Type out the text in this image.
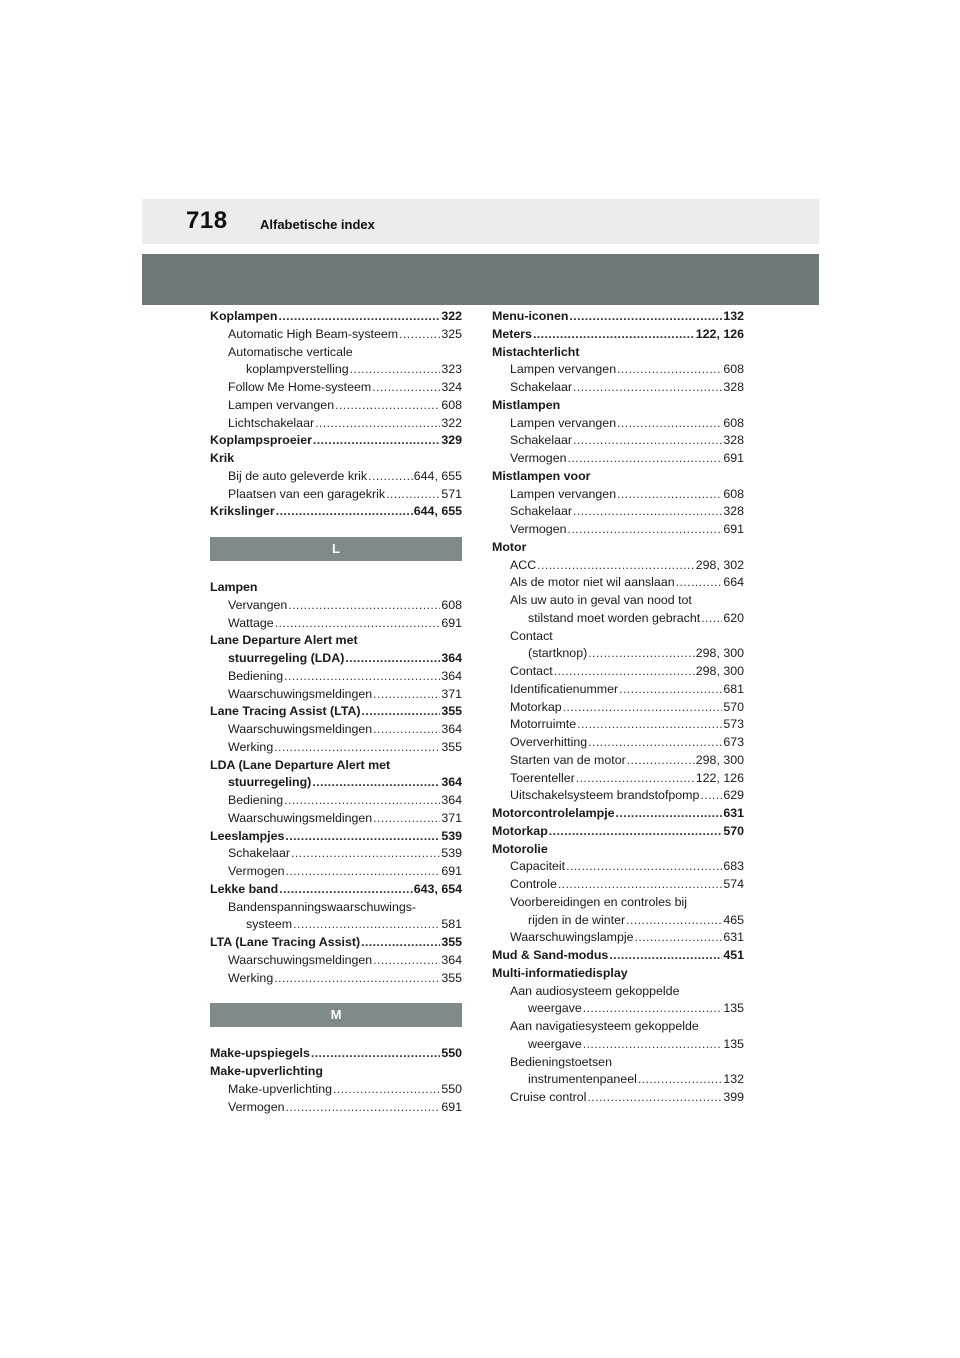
718 Alfabetische index
Koplampen .....	322
Automatic High Beam-systeem .....	325
Automatische verticale
koplampverstelling .....	323
Follow Me Home-systeem .....	324
Lampen vervangen .....	608
Lichtschakelaar .....	322
Koplampsproeier .....	329
Krik
Bij de auto geleverde krik .....	644, 655
Plaatsen van een garagekrik .....	571
Krikslinger .....	644, 655
L
Lampen
Vervangen .....	608
Wattage .....	691
Lane Departure Alert met
stuurregeling (LDA) .....	364
Bediening .....	364
Waarschuwingsmeldingen .....	371
Lane Tracing Assist (LTA) .....	355
Waarschuwingsmeldingen .....	364
Werking .....	355
LDA (Lane Departure Alert met
stuurregeling) .....	364
Bediening .....	364
Waarschuwingsmeldingen .....	371
Leeslampjes .....	539
Schakelaar .....	539
Vermogen .....	691
Lekke band .....	643, 654
Bandenspanningswaarschuwings-
systeem .....	581
LTA (Lane Tracing Assist) .....	355
Waarschuwingsmeldingen .....	364
Werking .....	355
M
Make-upspiegels .....	550
Make-upverlichting
Make-upverlichting .....	550
Vermogen .....	691
Menu-iconen .....	132
Meters .....	122, 126
Mistachterlicht
Lampen vervangen .....	608
Schakelaar .....	328
Mistlampen
Lampen vervangen .....	608
Schakelaar .....	328
Vermogen .....	691
Mistlampen voor
Lampen vervangen .....	608
Schakelaar .....	328
Vermogen .....	691
Motor
ACC .....	298, 302
Als de motor niet wil aanslaan .....	664
Als uw auto in geval van nood tot
stilstand moet worden gebracht ..... 620
Contact
(startknop) .....	298, 300
Contact .....	298, 300
Identificatienummer .....	681
Motorkap .....	570
Motorruimte .....	573
Oververhitting .....	673
Starten van de motor .....	298, 300
Toerenteller .....	122, 126
Uitschakelsysteem brandstofpomp ..... 629
Motorcontrolelampje .....	631
Motorkap .....	570
Motorolie
Capaciteit .....	683
Controle .....	574
Voorbereidingen en controles bij
rijden in de winter .....	465
Waarschuwingslampje .....	631
Mud & Sand-modus .....	451
Multi-informatiedisplay
Aan audiosysteem gekoppelde
weergave .....	135
Aan navigatiesysteem gekoppelde
weergave .....	135
Bedieningstoetsen
instrumentenpaneel .....	132
Cruise control .....	399
